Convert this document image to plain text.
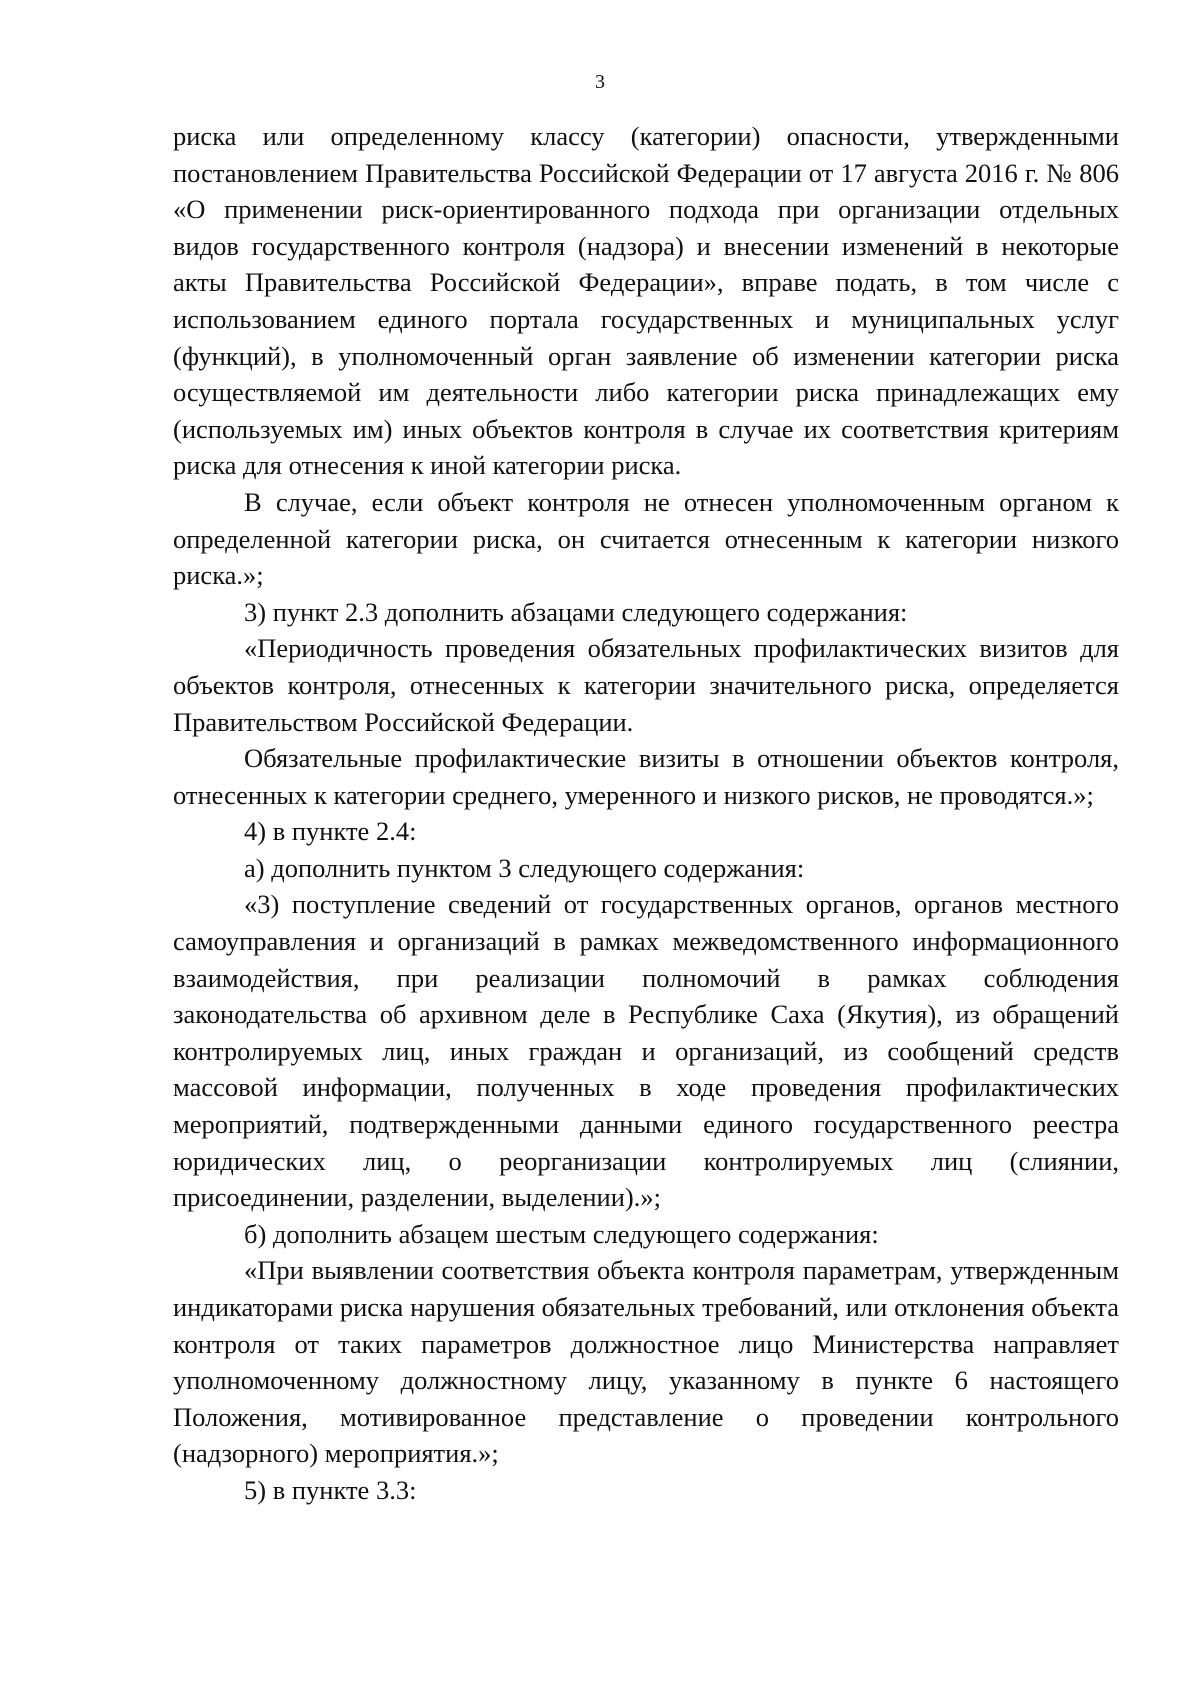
3

риска или определенному классу (категории) опасности, утвержденными постановлением Правительства Российской Федерации от 17 августа 2016 г. № 806 «О применении риск-ориентированного подхода при организации отдельных видов государственного контроля (надзора) и внесении изменений в некоторые акты Правительства Российской Федерации», вправе подать, в том числе с использованием единого портала государственных и муниципальных услуг (функций), в уполномоченный орган заявление об изменении категории риска осуществляемой им деятельности либо категории риска принадлежащих ему (используемых им) иных объектов контроля в случае их соответствия критериям риска для отнесения к иной категории риска.

В случае, если объект контроля не отнесен уполномоченным органом к определенной категории риска, он считается отнесенным к категории низкого риска.»;

3) пункт 2.3 дополнить абзацами следующего содержания:

«Периодичность проведения обязательных профилактических визитов для объектов контроля, отнесенных к категории значительного риска, определяется Правительством Российской Федерации.

Обязательные профилактические визиты в отношении объектов контроля, отнесенных к категории среднего, умеренного и низкого рисков, не проводятся.»;

4) в пункте 2.4:

а) дополнить пунктом 3 следующего содержания:

«3) поступление сведений от государственных органов, органов местного самоуправления и организаций в рамках межведомственного информационного взаимодействия, при реализации полномочий в рамках соблюдения законодательства об архивном деле в Республике Саха (Якутия), из обращений контролируемых лиц, иных граждан и организаций, из сообщений средств массовой информации, полученных в ходе проведения профилактических мероприятий, подтвержденными данными единого государственного реестра юридических лиц, о реорганизации контролируемых лиц (слиянии, присоединении, разделении, выделении).»;

б) дополнить абзацем шестым следующего содержания:

«При выявлении соответствия объекта контроля параметрам, утвержденным индикаторами риска нарушения обязательных требований, или отклонения объекта контроля от таких параметров должностное лицо Министерства направляет уполномоченному должностному лицу, указанному в пункте 6 настоящего Положения, мотивированное представление о проведении контрольного (надзорного) мероприятия.»;

5) в пункте 3.3:
